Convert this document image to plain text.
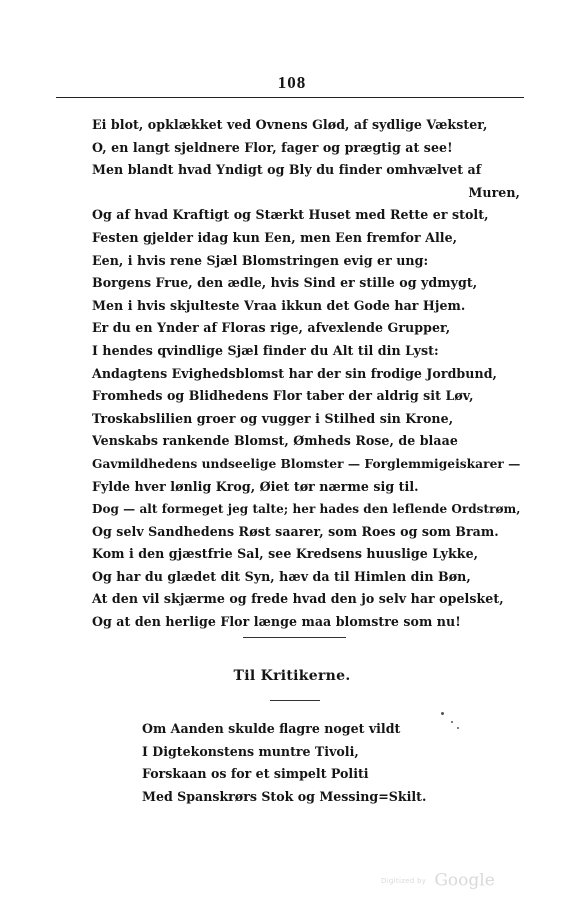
108
Ei blot, opklækket ved Ovnens Glød, af sydlige Vækster,
O, en langt sjeldnere Flor, fager og prægtig at see!
Men blandt hvad Yndigt og Bly du finder omhvælvet af
Muren,
Og af hvad Kraftigt og Stærkt Huset med Rette er stolt,
Festen gjelder idag kun Een, men Een fremfor Alle,
Een, i hvis rene Sjæl Blomstringen evig er ung:
Borgens Frue, den ædle, hvis Sind er stille og ydmygt,
Men i hvis skjulteste Vraa ikkun det Gode har Hjem.
Er du en Ynder af Floras rige, afvexlende Grupper,
I hendes qvindlige Sjæl finder du Alt til din Lyst:
Andagtens Evighedsblomst har der sin frodige Jordbund,
Fromheds og Blidhedens Flor taber der aldrig sit Løv,
Troskabslilien groer og vugger i Stilhed sin Krone,
Venskabs rankende Blomst, Ømheds Rose, de blaae
Gavmildhedens undseelige Blomster — Forglemmigeiskarer —
Fylde hver lønlig Krog, Øiet tør nærme sig til.
Dog — alt formeget jeg talte; her hades den leflende Ordstrøm,
Og selv Sandhedens Røst saarer, som Roes og som Bram.
Kom i den gjæstfrie Sal, see Kredsens huuslige Lykke,
Og har du glædet dit Syn, hæv da til Himlen din Bøn,
At den vil skjærme og frede hvad den jo selv har opelsket,
Og at den herlige Flor længe maa blomstre som nu!
Til Kritikerne.
Om Aanden skulde flagre noget vildt
I Digtekonstens muntre Tivoli,
Forskaan os for et simpelt Politi
Med Spanskrørs Stok og Messing=Skilt.
Digitized by Google
